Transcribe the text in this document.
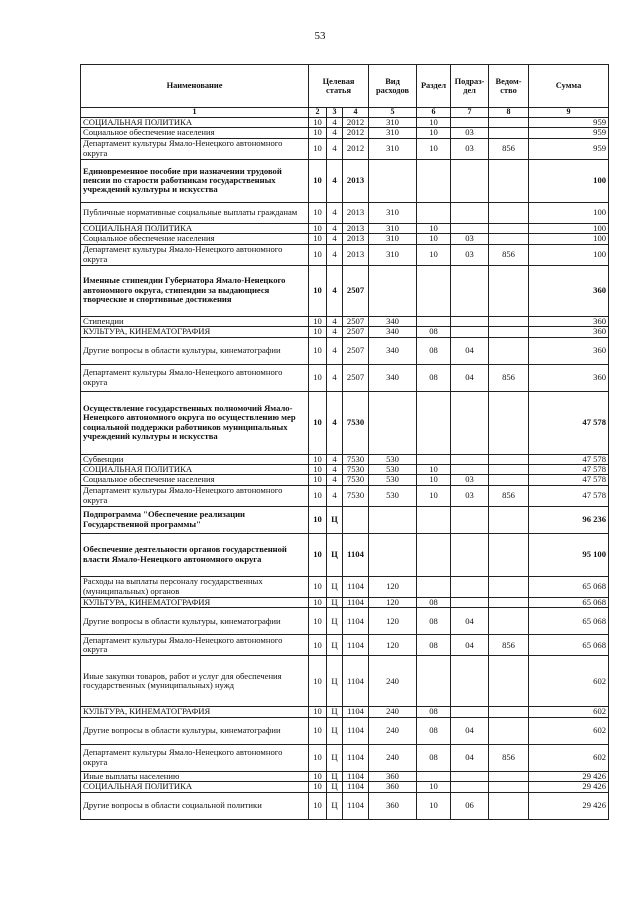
53
Наименование	Целевая статья			Вид расходов	Раздел	Подраз- дел	Ведом- ство	Сумма
1	2	3	4	5	6	7	8	9
СОЦИАЛЬНАЯ ПОЛИТИКА	10	4	2012	310	10			959
Социальное обеспечение населения	10	4	2012	310	10	03		959
Департамент культуры Ямало-Ненецкого автономного округа	10	4	2012	310	10	03	856	959
Единовременное пособие при назначении трудовой пенсии по старости работникам государственных учреждений культуры и искусства	10	4	2013					100
Публичные нормативные социальные выплаты гражданам	10	4	2013	310				100
СОЦИАЛЬНАЯ ПОЛИТИКА	10	4	2013	310	10			100
Социальное обеспечение населения	10	4	2013	310	10	03		100
Департамент культуры Ямало-Ненецкого автономного округа	10	4	2013	310	10	03	856	100
Именные стипендии Губернатора Ямало-Ненецкого автономного округа, стипендии за выдающиеся творческие и спортивные достижения	10	4	2507					360
Стипендии	10	4	2507	340				360
КУЛЬТУРА, КИНЕМАТОГРАФИЯ	10	4	2507	340	08			360
Другие вопросы в области культуры, кинематографии	10	4	2507	340	08	04		360
Департамент культуры Ямало-Ненецкого автономного округа	10	4	2507	340	08	04	856	360
Осуществление государственных полномочий Ямало-Ненецкого автономного округа по осуществлению мер социальной поддержки работников муниципальных учреждений культуры и искусства	10	4	7530					47 578
Субвенции	10	4	7530	530				47 578
СОЦИАЛЬНАЯ ПОЛИТИКА	10	4	7530	530	10			47 578
Социальное обеспечение населения	10	4	7530	530	10	03		47 578
Департамент культуры Ямало-Ненецкого автономного округа	10	4	7530	530	10	03	856	47 578
Подпрограмма "Обеспечение реализации Государственной программы"	10	Ц						96 236
Обеспечение деятельности органов государственной власти Ямало-Ненецкого автономного округа	10	Ц	1104					95 100
Расходы на выплаты персоналу государственных (муниципальных) органов	10	Ц	1104	120				65 068
КУЛЬТУРА, КИНЕМАТОГРАФИЯ	10	Ц	1104	120	08			65 068
Другие вопросы в области культуры, кинематографии	10	Ц	1104	120	08	04		65 068
Департамент культуры Ямало-Ненецкого автономного округа	10	Ц	1104	120	08	04	856	65 068
Иные закупки товаров, работ и услуг для обеспечения государственных (муниципальных) нужд	10	Ц	1104	240				602
КУЛЬТУРА, КИНЕМАТОГРАФИЯ	10	Ц	1104	240	08			602
Другие вопросы в области культуры, кинематографии	10	Ц	1104	240	08	04		602
Департамент культуры Ямало-Ненецкого автономного округа	10	Ц	1104	240	08	04	856	602
Иные выплаты населению	10	Ц	1104	360				29 426
СОЦИАЛЬНАЯ ПОЛИТИКА	10	Ц	1104	360	10			29 426
Другие вопросы в области социальной политики	10	Ц	1104	360	10	06		29 426
